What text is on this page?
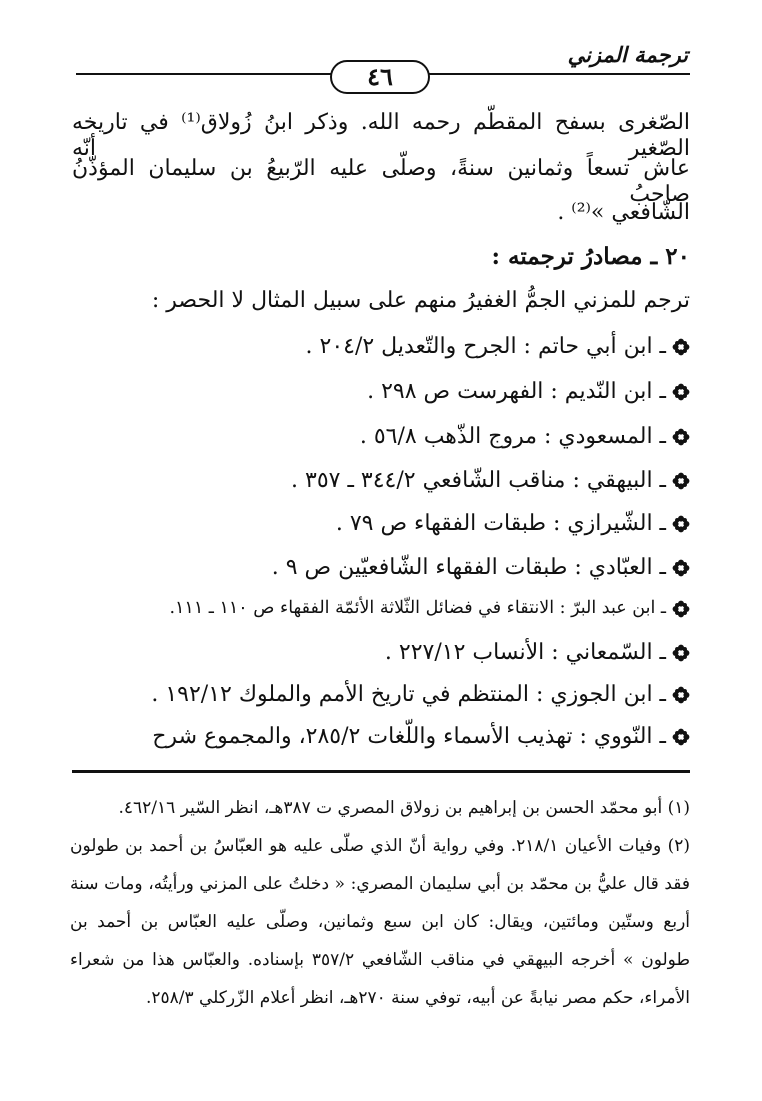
ترجمة المزني
٤٦
الصّغرى بسفح المقطّم رحمه الله. وذكر ابنُ زُولاق⁽¹⁾ في تاريخه الصّغير أنّه
عاش تسعاً وثمانين سنةً، وصلّى عليه الرّبيعُ بن سليمان المؤذّنُ صاحبُ
الشّافعي »⁽²⁾ .
٢٠ ـ مصادرُ ترجمته :
ترجم للمزني الجمُّ الغفيرُ منهم على سبيل المثال لا الحصر :
ـ ابن أبي حاتم : الجرح والتّعديل ٢٠٤/٢ .
ـ ابن النّديم : الفهرست ص ٢٩٨ .
ـ المسعودي : مروج الذّهب ٥٦/٨ .
ـ البيهقي : مناقب الشّافعي ٣٤٤/٢ ـ ٣٥٧ .
ـ الشّيرازي : طبقات الفقهاء ص ٧٩ .
ـ العبّادي : طبقات الفقهاء الشّافعيّين ص ٩ .
ـ ابن عبد البرّ : الانتقاء في فضائل الثّلاثة الأئمّة الفقهاء ص ١١٠ ـ ١١١.
ـ السّمعاني : الأنساب ٢٢٧/١٢ .
ـ ابن الجوزي : المنتظم في تاريخ الأمم والملوك ١٩٢/١٢ .
ـ النّووي : تهذيب الأسماء واللّغات ٢٨٥/٢، والمجموع شرح
(١) أبو محمّد الحسن بن إبراهيم بن زولاق المصري ت ٣٨٧هـ، انظر السّير ٤٦٢/١٦.
(٢) وفيات الأعيان ٢١٨/١. وفي رواية أنّ الذي صلّى عليه هو العبّاسُ بن أحمد بن طولون
فقد قال عليُّ بن محمّد بن أبي سليمان المصري: « دخلتُ على المزني ورأيتُه، ومات سنة
أربع وستّين ومائتين، ويقال: كان ابن سبع وثمانين، وصلّى عليه العبّاس بن أحمد بن
طولون » أخرجه البيهقي في مناقب الشّافعي ٣٥٧/٢ بإسناده. والعبّاس هذا من شعراء
الأمراء، حكم مصر نيابةً عن أبيه، توفي سنة ٢٧٠هـ، انظر أعلام الزّركلي ٢٥٨/٣.
